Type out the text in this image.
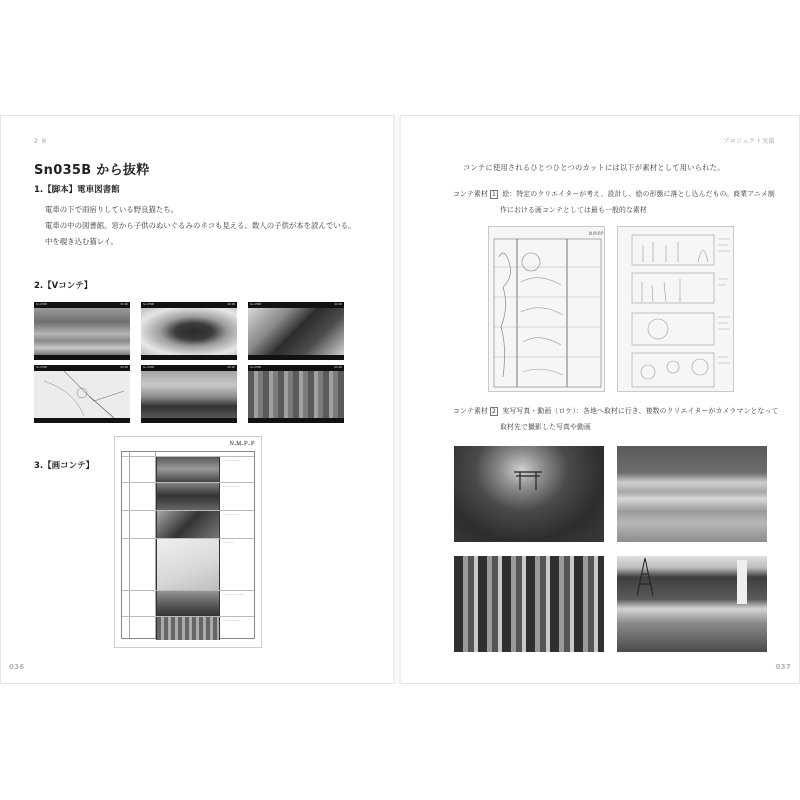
2 章
Sn035B から抜粋
1.【脚本】電車図書館
電車の下で雨宿りしている野良猫たち。
電車の中の図書館。窓から子供のぬいぐるみのネコも見える。数人の子供が本を読んでいる。
中を覗き込む猫レイ。
2.【Vコンテ】
Sn-035B	00:00	Sn-035B	00:00	Sn-035B	00:00
Sn-035B	00:00	Sn-035B	00:00	Sn-035B	00:00
3.【画コンテ】
Ｎ.Ｍ.Ｐ.Ｐ
—— —— ——
—— —— ——
—— —— ——
—— ——
—— —— —— ——
—— —— ——
036
プロジェクト実績
コンテに使用されるひとつひとつのカットには以下が素材として用いられた。
コンテ素材 1 絵：特定のクリエイターが考え、設計し、絵の形態に落とし込んだもの。商業アニメ制
作における画コンテとしては最も一般的な素材
N.M.P.P
コンテ素材 2 実写写真・動画（ロケ）：各地へ取材に行き、複数のクリエイターがカメラマンとなって
取材先で撮影した写真や動画
037
